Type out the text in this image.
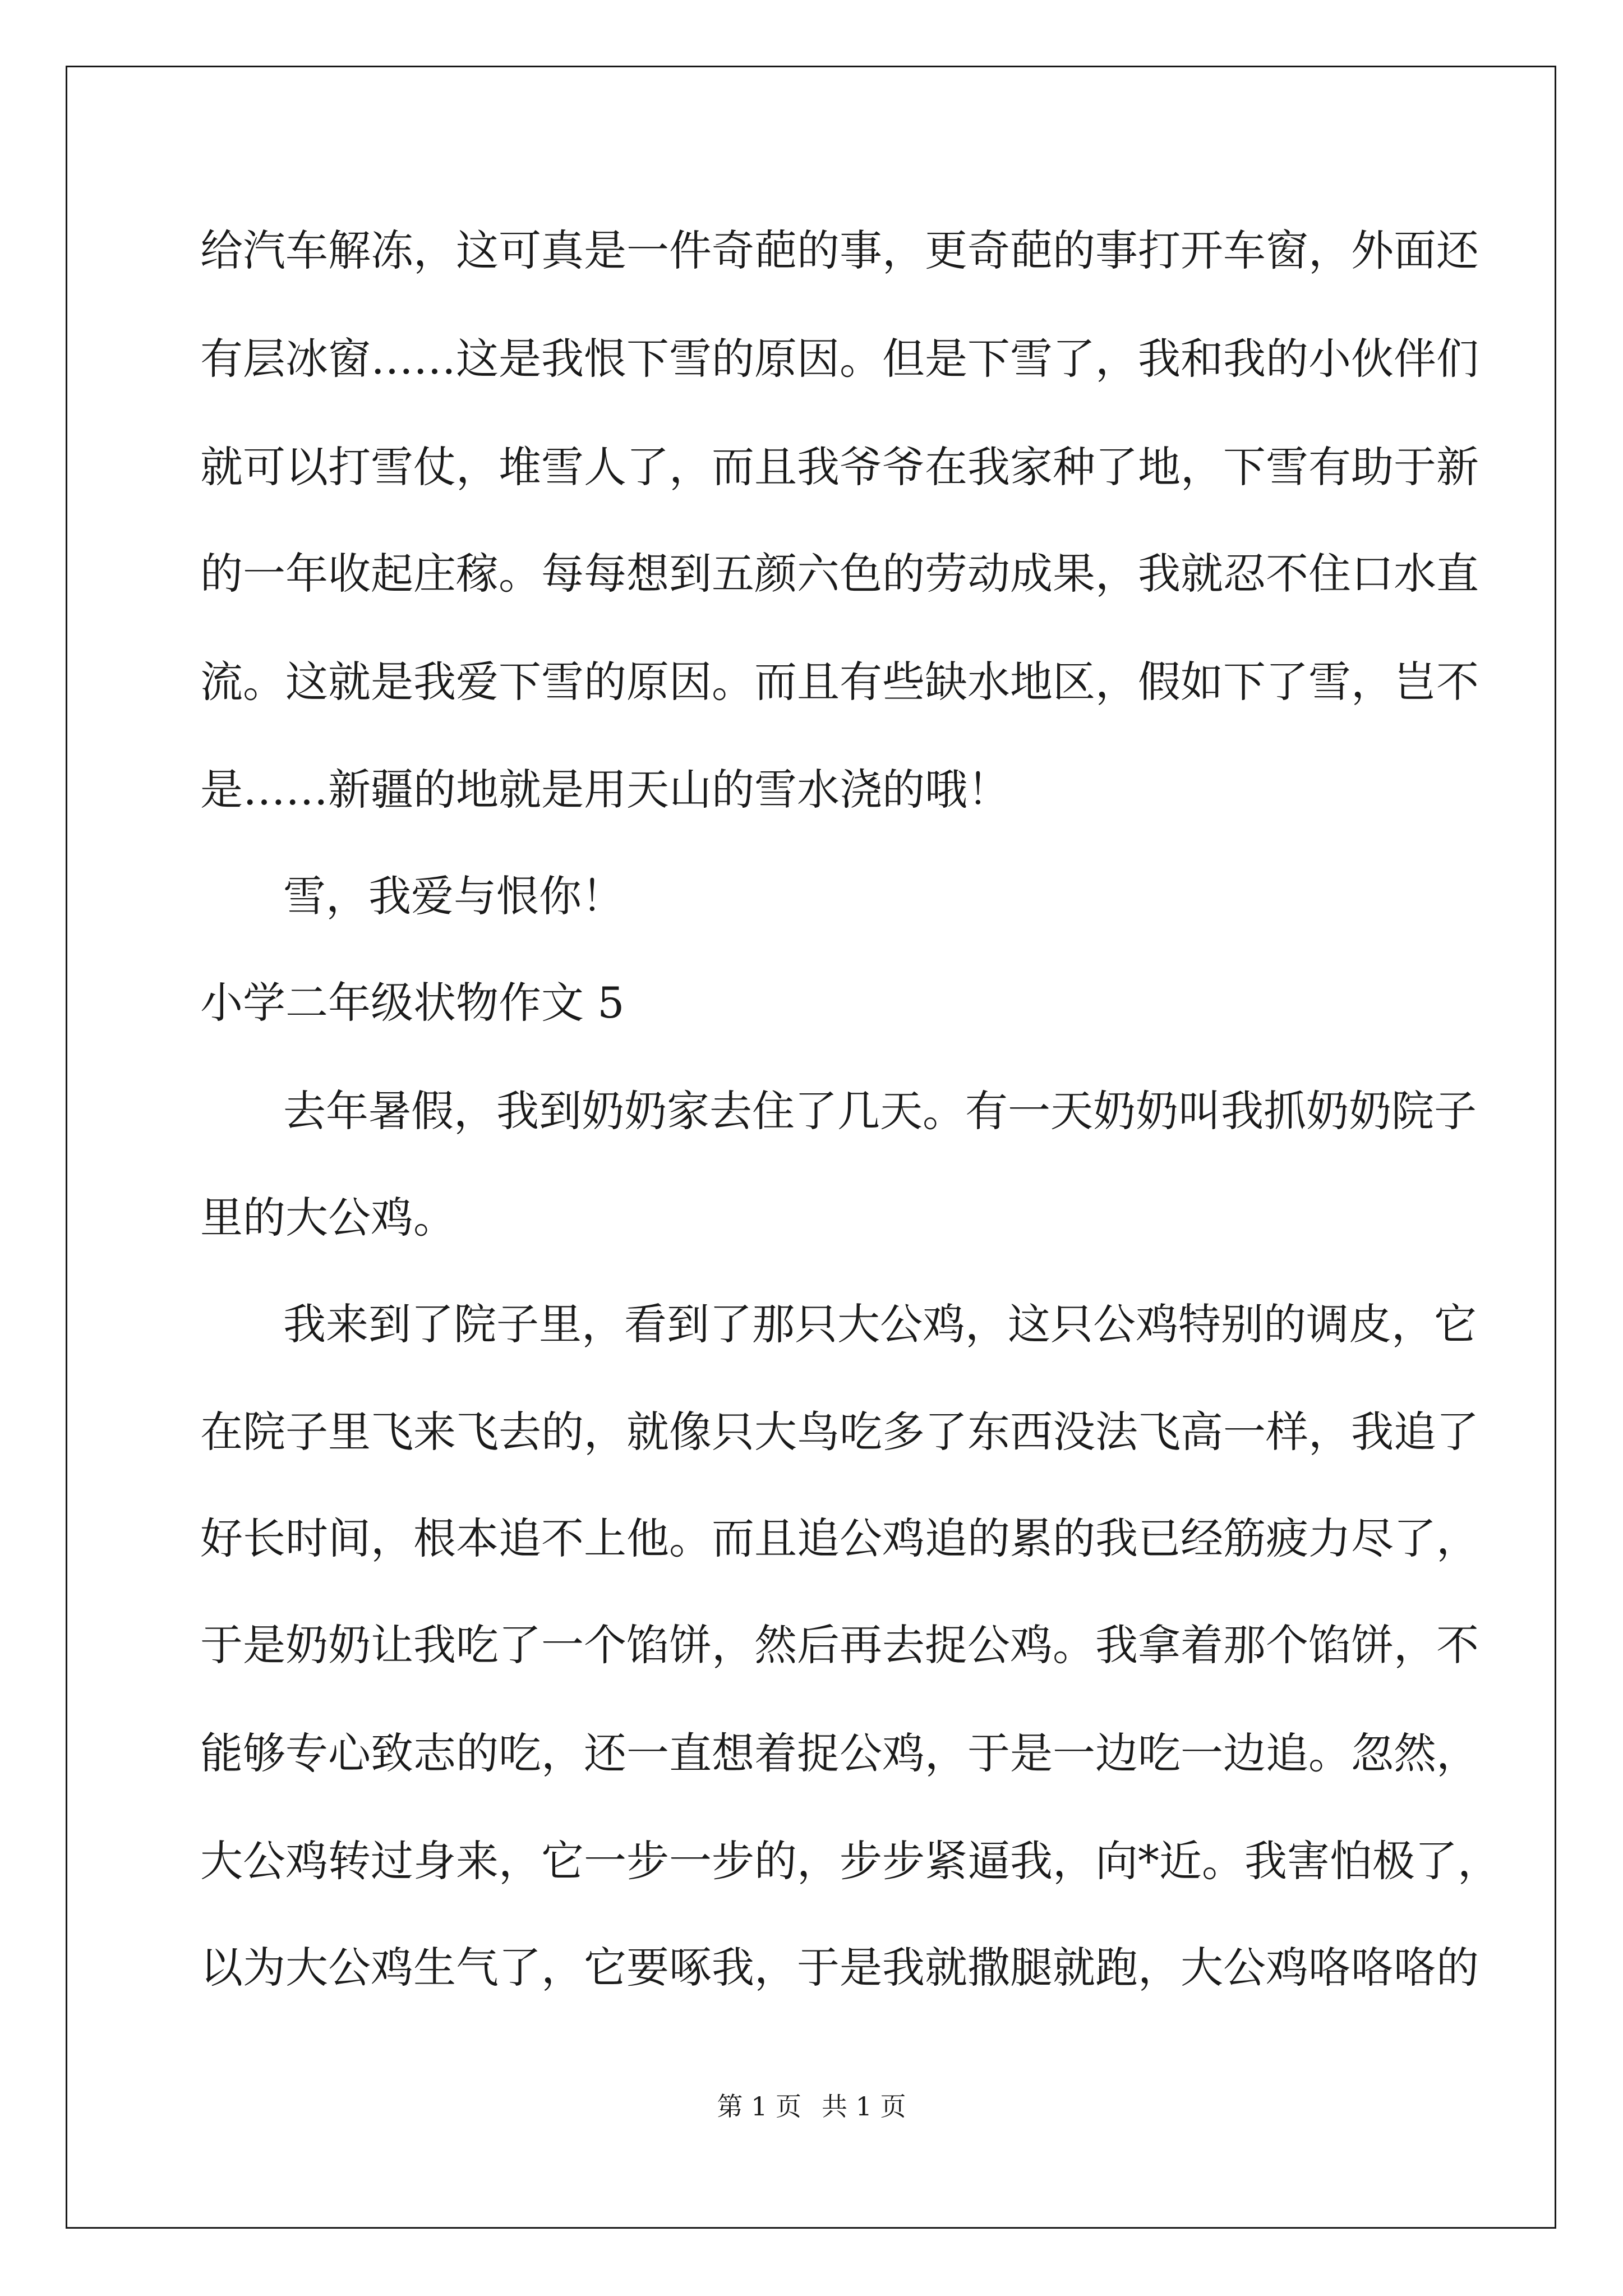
给汽车解冻，这可真是一件奇葩的事，更奇葩的事打开车窗，外面还
有层冰窗……这是我恨下雪的原因。但是下雪了，我和我的小伙伴们
就可以打雪仗，堆雪人了，而且我爷爷在我家种了地，下雪有助于新
的一年收起庄稼。每每想到五颜六色的劳动成果，我就忍不住口水直
流。这就是我爱下雪的原因。而且有些缺水地区，假如下了雪，岂不
是……新疆的地就是用天山的雪水浇的哦！
雪，我爱与恨你！
小学二年级状物作文 5
去年暑假，我到奶奶家去住了几天。有一天奶奶叫我抓奶奶院子
里的大公鸡。
我来到了院子里，看到了那只大公鸡，这只公鸡特别的调皮，它
在院子里飞来飞去的，就像只大鸟吃多了东西没法飞高一样，我追了
好长时间，根本追不上他。而且追公鸡追的累的我已经筋疲力尽了，
于是奶奶让我吃了一个馅饼，然后再去捉公鸡。我拿着那个馅饼，不
能够专心致志的吃，还一直想着捉公鸡，于是一边吃一边追。忽然，
大公鸡转过身来，它一步一步的，步步紧逼我，向*近。我害怕极了，
以为大公鸡生气了，它要啄我，于是我就撒腿就跑，大公鸡咯咯咯的
第 1 页 共 1 页
